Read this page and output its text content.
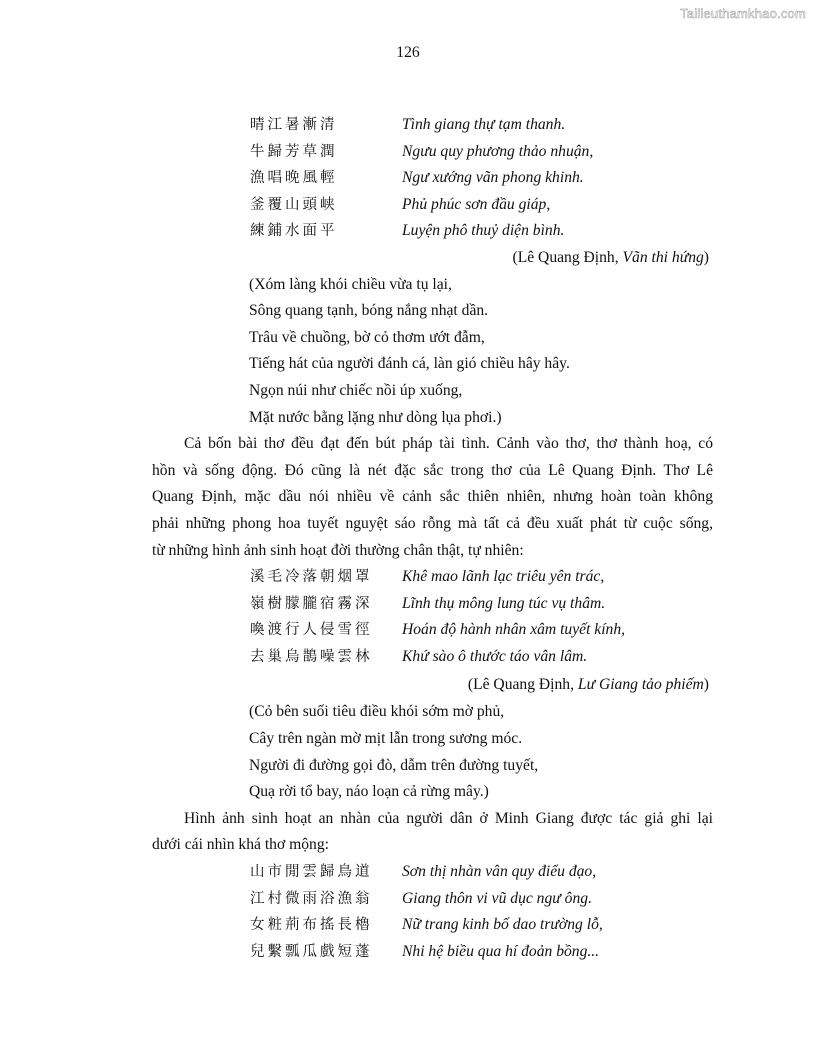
Tailieuthamkhao.com
126
晴江暑漸清	Tình giang thự tạm thanh.
牛歸芳草潤	Ngưu quy phương thảo nhuận,
漁唱晚風輕	Ngư xướng vãn phong khinh.
釜覆山頭峡	Phủ phúc sơn đầu giáp,
練鋪水面平	Luyện phô thuỷ diện bình.
(Lê Quang Định, Vãn thi hứng)
(Xóm làng khói chiều vừa tụ lại,
Sông quang tạnh, bóng nắng nhạt dần.
Trâu về chuồng, bờ cỏ thơm ướt đẫm,
Tiếng hát của người đánh cá, làn gió chiều hây hây.
Ngọn núi như chiếc nồi úp xuống,
Mặt nước bằng lặng như dòng lụa phơi.)
Cả bốn bài thơ đều đạt đến bút pháp tài tình. Cảnh vào thơ, thơ thành hoạ, có
hồn và sống động. Đó cũng là nét đặc sắc trong thơ của Lê Quang Định. Thơ Lê
Quang Định, mặc dầu nói nhiều về cảnh sắc thiên nhiên, nhưng hoàn toàn không
phải những phong hoa tuyết nguyệt sáo rỗng mà tất cả đều xuất phát từ cuộc sống,
từ những hình ảnh sinh hoạt đời thường chân thật, tự nhiên:
溪毛冷落朝烟罩 Khê mao lãnh lạc triêu yên trác,
嶺樹朦朧宿霧深 Lĩnh thụ mông lung túc vụ thâm.
喚渡行人侵雪徑 Hoán độ hành nhân xâm tuyết kính,
去巢烏鵲噪雲林 Khứ sào ô thước táo vân lâm.
(Lê Quang Định, Lư Giang tảo phiếm)
(Cỏ bên suối tiêu điều khói sớm mờ phủ,
Cây trên ngàn mờ mịt lẫn trong sương móc.
Người đi đường gọi đò, dẫm trên đường tuyết,
Quạ rời tổ bay, náo loạn cả rừng mây.)
Hình ảnh sinh hoạt an nhàn của người dân ở Minh Giang được tác giả ghi lại
dưới cái nhìn khá thơ mộng:
山市閒雲歸鳥道 Sơn thị nhàn vân quy điểu đạo,
江村微雨浴漁翁 Giang thôn vi vũ dục ngư ông.
女粧荊布搖長櫓 Nữ trang kinh bố dao trường lỗ,
兒繫瓢瓜戲短蓬 Nhi hệ biều qua hí đoản bồng...
